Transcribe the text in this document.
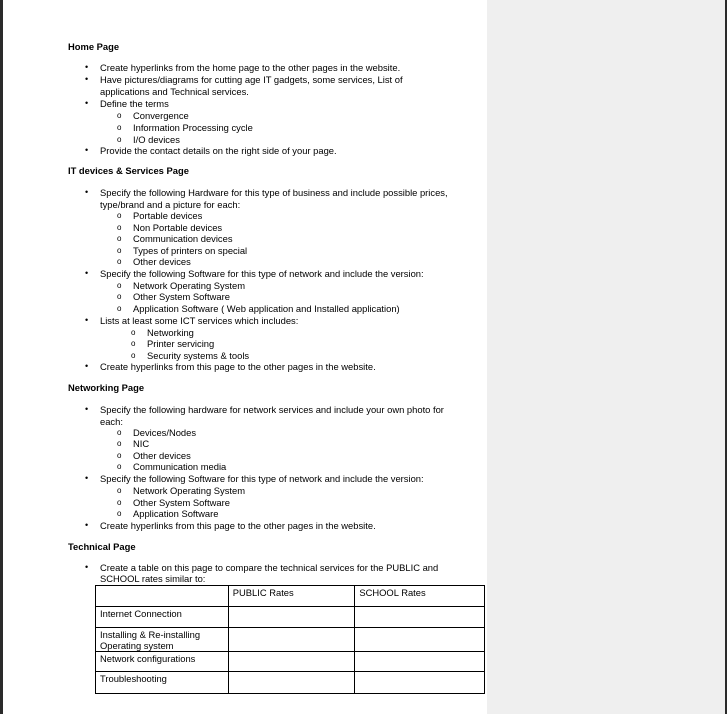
Home Page
• Create hyperlinks from the home page to the other pages in the website.
• Have pictures/diagrams for cutting age IT gadgets, some services, List of
applications and Technical services.
• Define the terms
o Convergence
o Information Processing cycle
o I/O devices
• Provide the contact details on the right side of your page.
IT devices & Services Page
• Specify the following Hardware for this type of business and include possible prices,
type/brand and a picture for each:
o Portable devices
o Non Portable devices
o Communication devices
o Types of printers on special
o Other devices
• Specify the following Software for this type of network and include the version:
o Network Operating System
o Other System Software
o Application Software ( Web application and Installed application)
• Lists at least some ICT services which includes:
o Networking
o Printer servicing
o Security systems & tools
• Create hyperlinks from this page to the other pages in the website.
Networking Page
• Specify the following hardware for network services and include your own photo for
each:
o Devices/Nodes
o NIC
o Other devices
o Communication media
• Specify the following Software for this type of network and include the version:
o Network Operating System
o Other System Software
o Application Software
• Create hyperlinks from this page to the other pages in the website.
Technical Page
• Create a table on this page to compare the technical services for the PUBLIC and
SCHOOL rates similar to:
	PUBLIC Rates	SCHOOL Rates
Internet Connection		
Installing & Re-installing
Operating system		
Network configurations		
Troubleshooting		
